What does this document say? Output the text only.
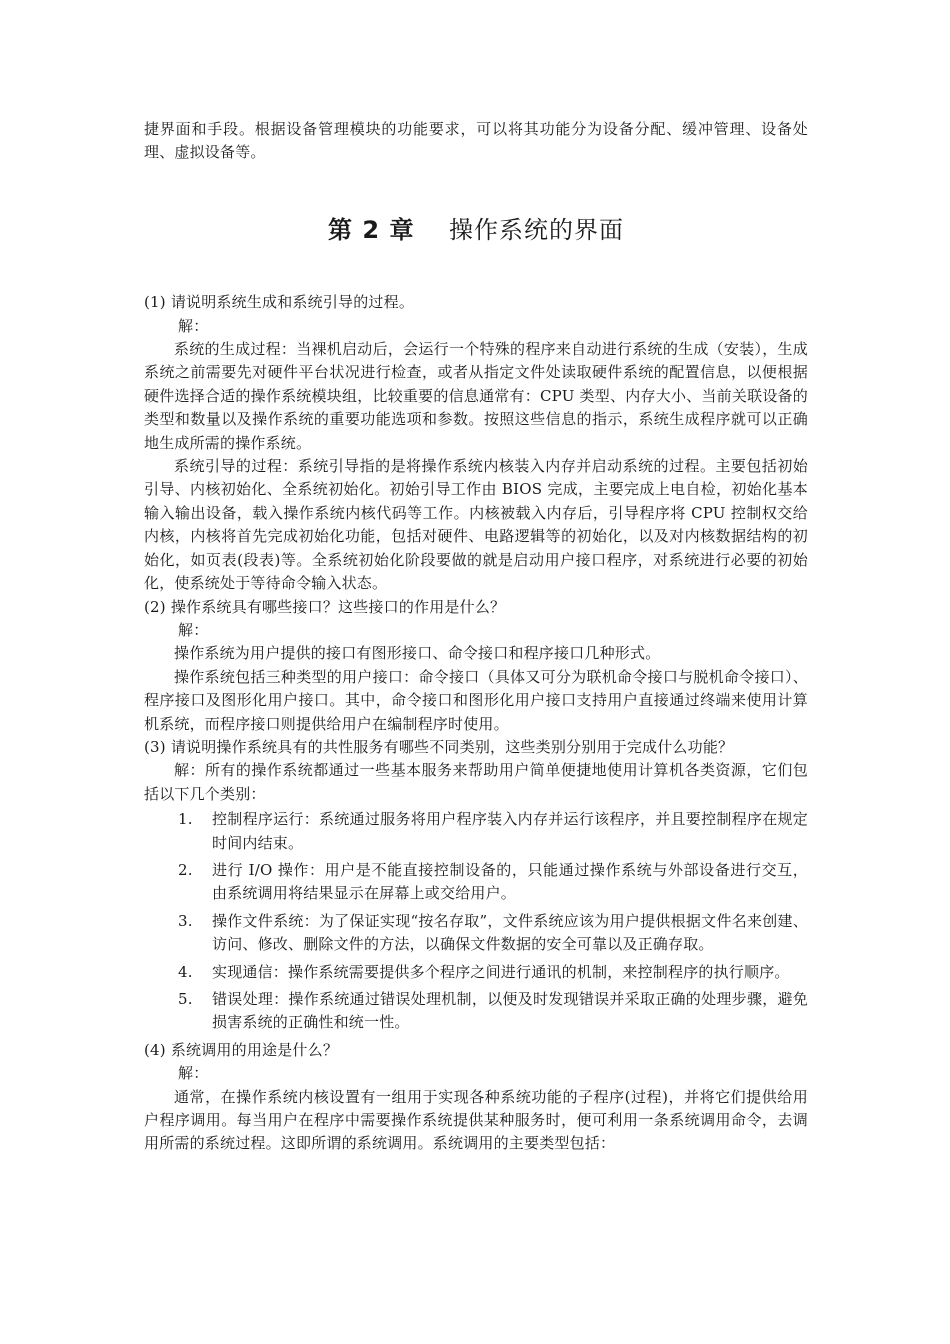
捷界面和手段。根据设备管理模块的功能要求，可以将其功能分为设备分配、缓冲管理、设备处理、虚拟设备等。

第 2 章 操作系统的界面

(1) 请说明系统生成和系统引导的过程。

解：

系统的生成过程：当裸机启动后，会运行一个特殊的程序来自动进行系统的生成（安装），生成系统之前需要先对硬件平台状况进行检查，或者从指定文件处读取硬件系统的配置信息，以便根据硬件选择合适的操作系统模块组，比较重要的信息通常有：CPU 类型、内存大小、当前关联设备的类型和数量以及操作系统的重要功能选项和参数。按照这些信息的指示，系统生成程序就可以正确地生成所需的操作系统。

系统引导的过程：系统引导指的是将操作系统内核装入内存并启动系统的过程。主要包括初始引导、内核初始化、全系统初始化。初始引导工作由 BIOS 完成，主要完成上电自检，初始化基本输入输出设备，载入操作系统内核代码等工作。内核被载入内存后，引导程序将 CPU 控制权交给内核，内核将首先完成初始化功能，包括对硬件、电路逻辑等的初始化，以及对内核数据结构的初始化，如页表(段表)等。全系统初始化阶段要做的就是启动用户接口程序，对系统进行必要的初始化，使系统处于等待命令输入状态。

(2) 操作系统具有哪些接口？这些接口的作用是什么？

解：

操作系统为用户提供的接口有图形接口、命令接口和程序接口几种形式。

操作系统包括三种类型的用户接口：命令接口（具体又可分为联机命令接口与脱机命令接口）、程序接口及图形化用户接口。其中，命令接口和图形化用户接口支持用户直接通过终端来使用计算机系统，而程序接口则提供给用户在编制程序时使用。

(3) 请说明操作系统具有的共性服务有哪些不同类别，这些类别分别用于完成什么功能？

解：所有的操作系统都通过一些基本服务来帮助用户简单便捷地使用计算机各类资源，它们包括以下几个类别：

1. 控制程序运行：系统通过服务将用户程序装入内存并运行该程序，并且要控制程序在规定时间内结束。
2. 进行 I/O 操作：用户是不能直接控制设备的，只能通过操作系统与外部设备进行交互，由系统调用将结果显示在屏幕上或交给用户。
3. 操作文件系统：为了保证实现“按名存取”，文件系统应该为用户提供根据文件名来创建、访问、修改、删除文件的方法，以确保文件数据的安全可靠以及正确存取。
4. 实现通信：操作系统需要提供多个程序之间进行通讯的机制，来控制程序的执行顺序。
5. 错误处理：操作系统通过错误处理机制，以便及时发现错误并采取正确的处理步骤，避免损害系统的正确性和统一性。

(4) 系统调用的用途是什么？

解：

通常，在操作系统内核设置有一组用于实现各种系统功能的子程序(过程)，并将它们提供给用户程序调用。每当用户在程序中需要操作系统提供某种服务时，便可利用一条系统调用命令，去调用所需的系统过程。这即所谓的系统调用。系统调用的主要类型包括：
